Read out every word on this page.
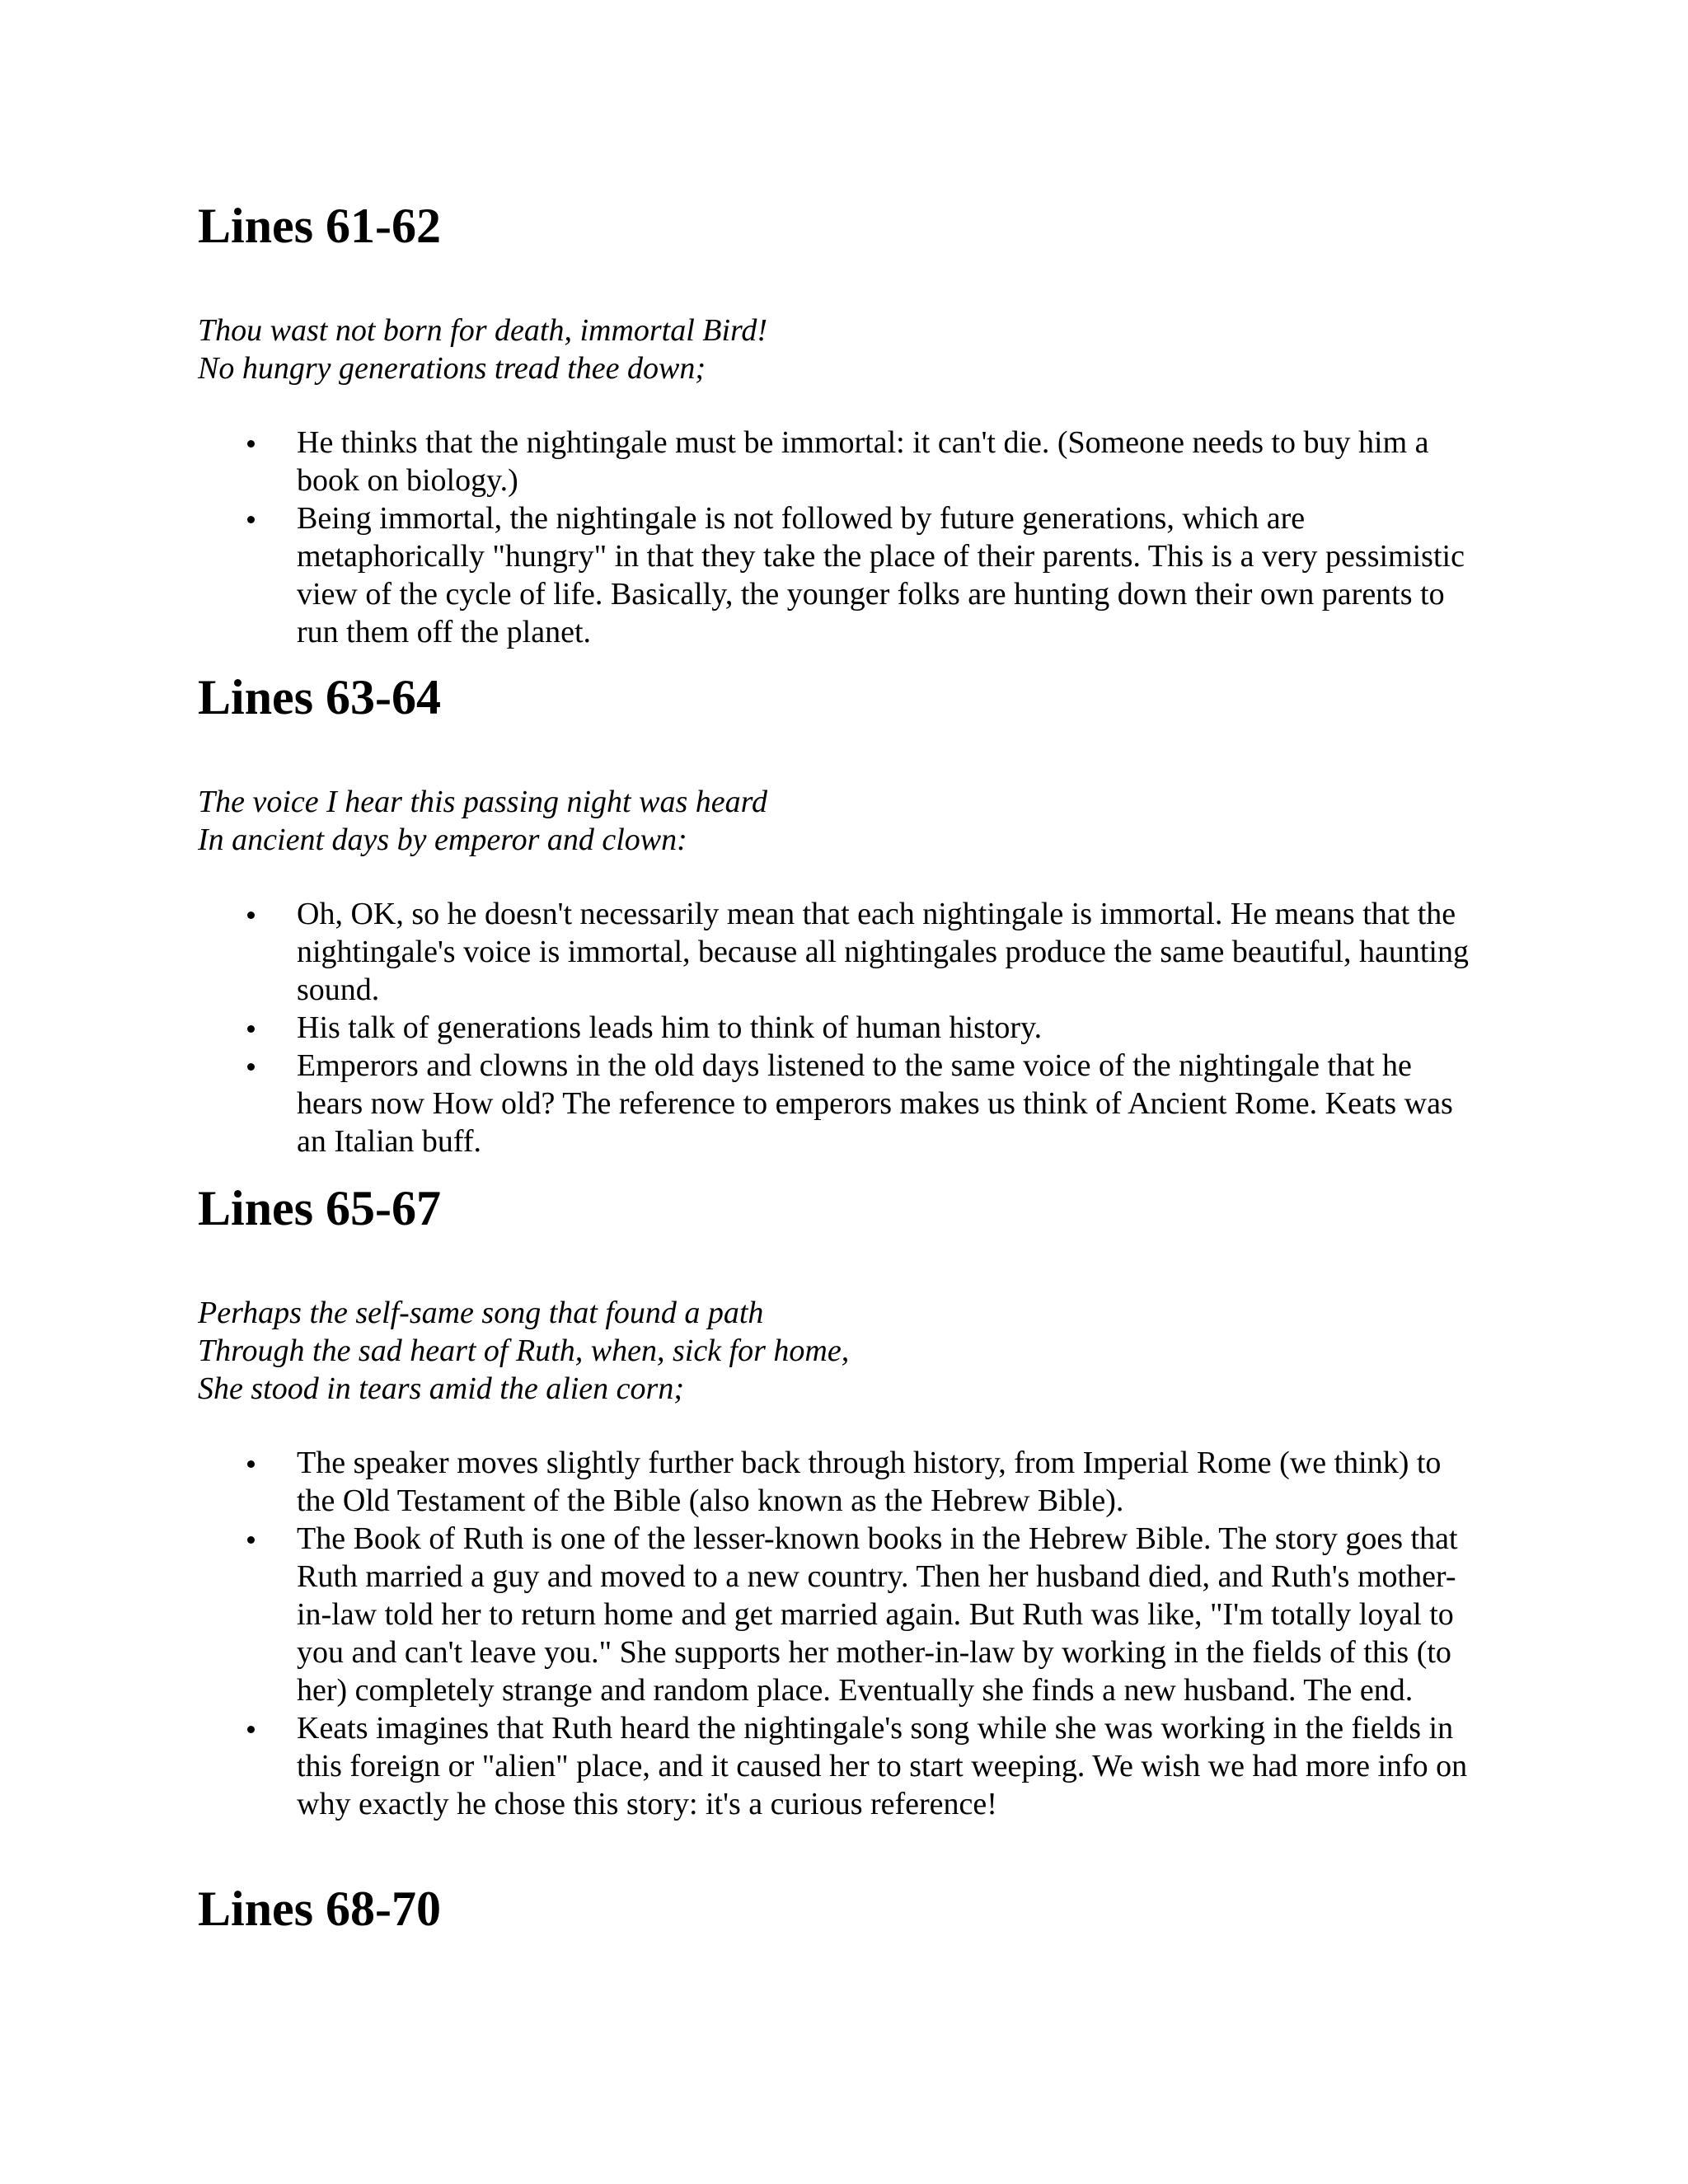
Lines 61-62
Thou wast not born for death, immortal Bird!
No hungry generations tread thee down;
He thinks that the nightingale must be immortal: it can't die. (Someone needs to buy him a book on biology.)
Being immortal, the nightingale is not followed by future generations, which are metaphorically "hungry" in that they take the place of their parents. This is a very pessimistic view of the cycle of life. Basically, the younger folks are hunting down their own parents to run them off the planet.
Lines 63-64
The voice I hear this passing night was heard
In ancient days by emperor and clown:
Oh, OK, so he doesn't necessarily mean that each nightingale is immortal. He means that the nightingale's voice is immortal, because all nightingales produce the same beautiful, haunting sound.
His talk of generations leads him to think of human history.
Emperors and clowns in the old days listened to the same voice of the nightingale that he hears now How old? The reference to emperors makes us think of Ancient Rome. Keats was an Italian buff.
Lines 65-67
Perhaps the self-same song that found a path
Through the sad heart of Ruth, when, sick for home,
She stood in tears amid the alien corn;
The speaker moves slightly further back through history, from Imperial Rome (we think) to the Old Testament of the Bible (also known as the Hebrew Bible).
The Book of Ruth is one of the lesser-known books in the Hebrew Bible. The story goes that Ruth married a guy and moved to a new country. Then her husband died, and Ruth's mother-in-law told her to return home and get married again. But Ruth was like, "I'm totally loyal to you and can't leave you." She supports her mother-in-law by working in the fields of this (to her) completely strange and random place. Eventually she finds a new husband. The end.
Keats imagines that Ruth heard the nightingale's song while she was working in the fields in this foreign or "alien" place, and it caused her to start weeping. We wish we had more info on why exactly he chose this story: it's a curious reference!
Lines 68-70
